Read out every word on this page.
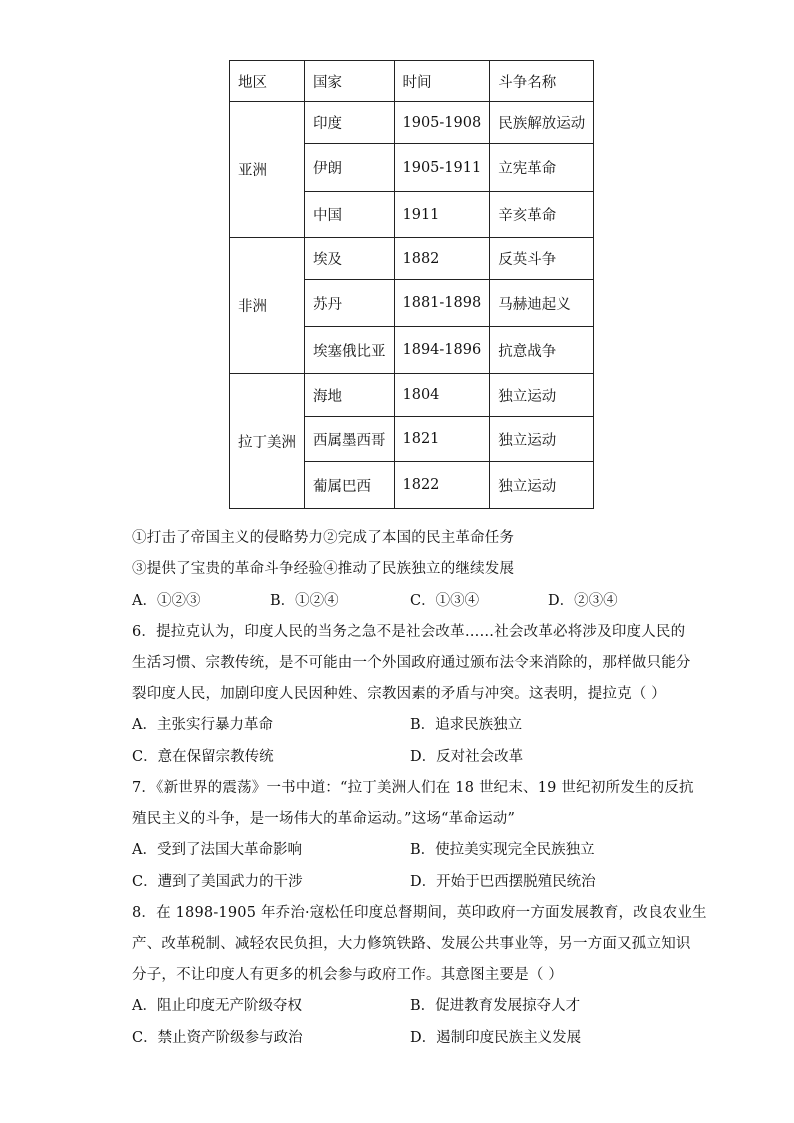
地区	国家	时间	斗争名称
亚洲	印度	1905-1908	民族解放运动
	伊朗	1905-1911	立宪革命
	中国	1911	辛亥革命
非洲	埃及	1882	反英斗争
	苏丹	1881-1898	马赫迪起义
	埃塞俄比亚	1894-1896	抗意战争
拉丁美洲	海地	1804	独立运动
	西属墨西哥	1821	独立运动
	葡属巴西	1822	独立运动
①打击了帝国主义的侵略势力②完成了本国的民主革命任务
③提供了宝贵的革命斗争经验④推动了民族独立的继续发展
A．①②③	B．①②④	C．①③④	D．②③④
6．提拉克认为，印度人民的当务之急不是社会改革……社会改革必将涉及印度人民的
生活习惯、宗教传统，是不可能由一个外国政府通过颁布法令来消除的，那样做只能分
裂印度人民，加剧印度人民因种姓、宗教因素的矛盾与冲突。这表明，提拉克（ ）
A．主张实行暴力革命	B．追求民族独立
C．意在保留宗教传统	D．反对社会改革
7．《新世界的震荡》一书中道：“拉丁美洲人们在 18 世纪末、19 世纪初所发生的反抗
殖民主义的斗争，是一场伟大的革命运动。”这场“革命运动”
A．受到了法国大革命影响	B．使拉美实现完全民族独立
C．遭到了美国武力的干涉	D．开始于巴西摆脱殖民统治
8．在 1898-1905 年乔治·寇松任印度总督期间，英印政府一方面发展教育，改良农业生
产、改革税制、减轻农民负担，大力修筑铁路、发展公共事业等，另一方面又孤立知识
分子，不让印度人有更多的机会参与政府工作。其意图主要是（ ）
A．阻止印度无产阶级夺权	B．促进教育发展掠夺人才
C．禁止资产阶级参与政治	D．遏制印度民族主义发展
